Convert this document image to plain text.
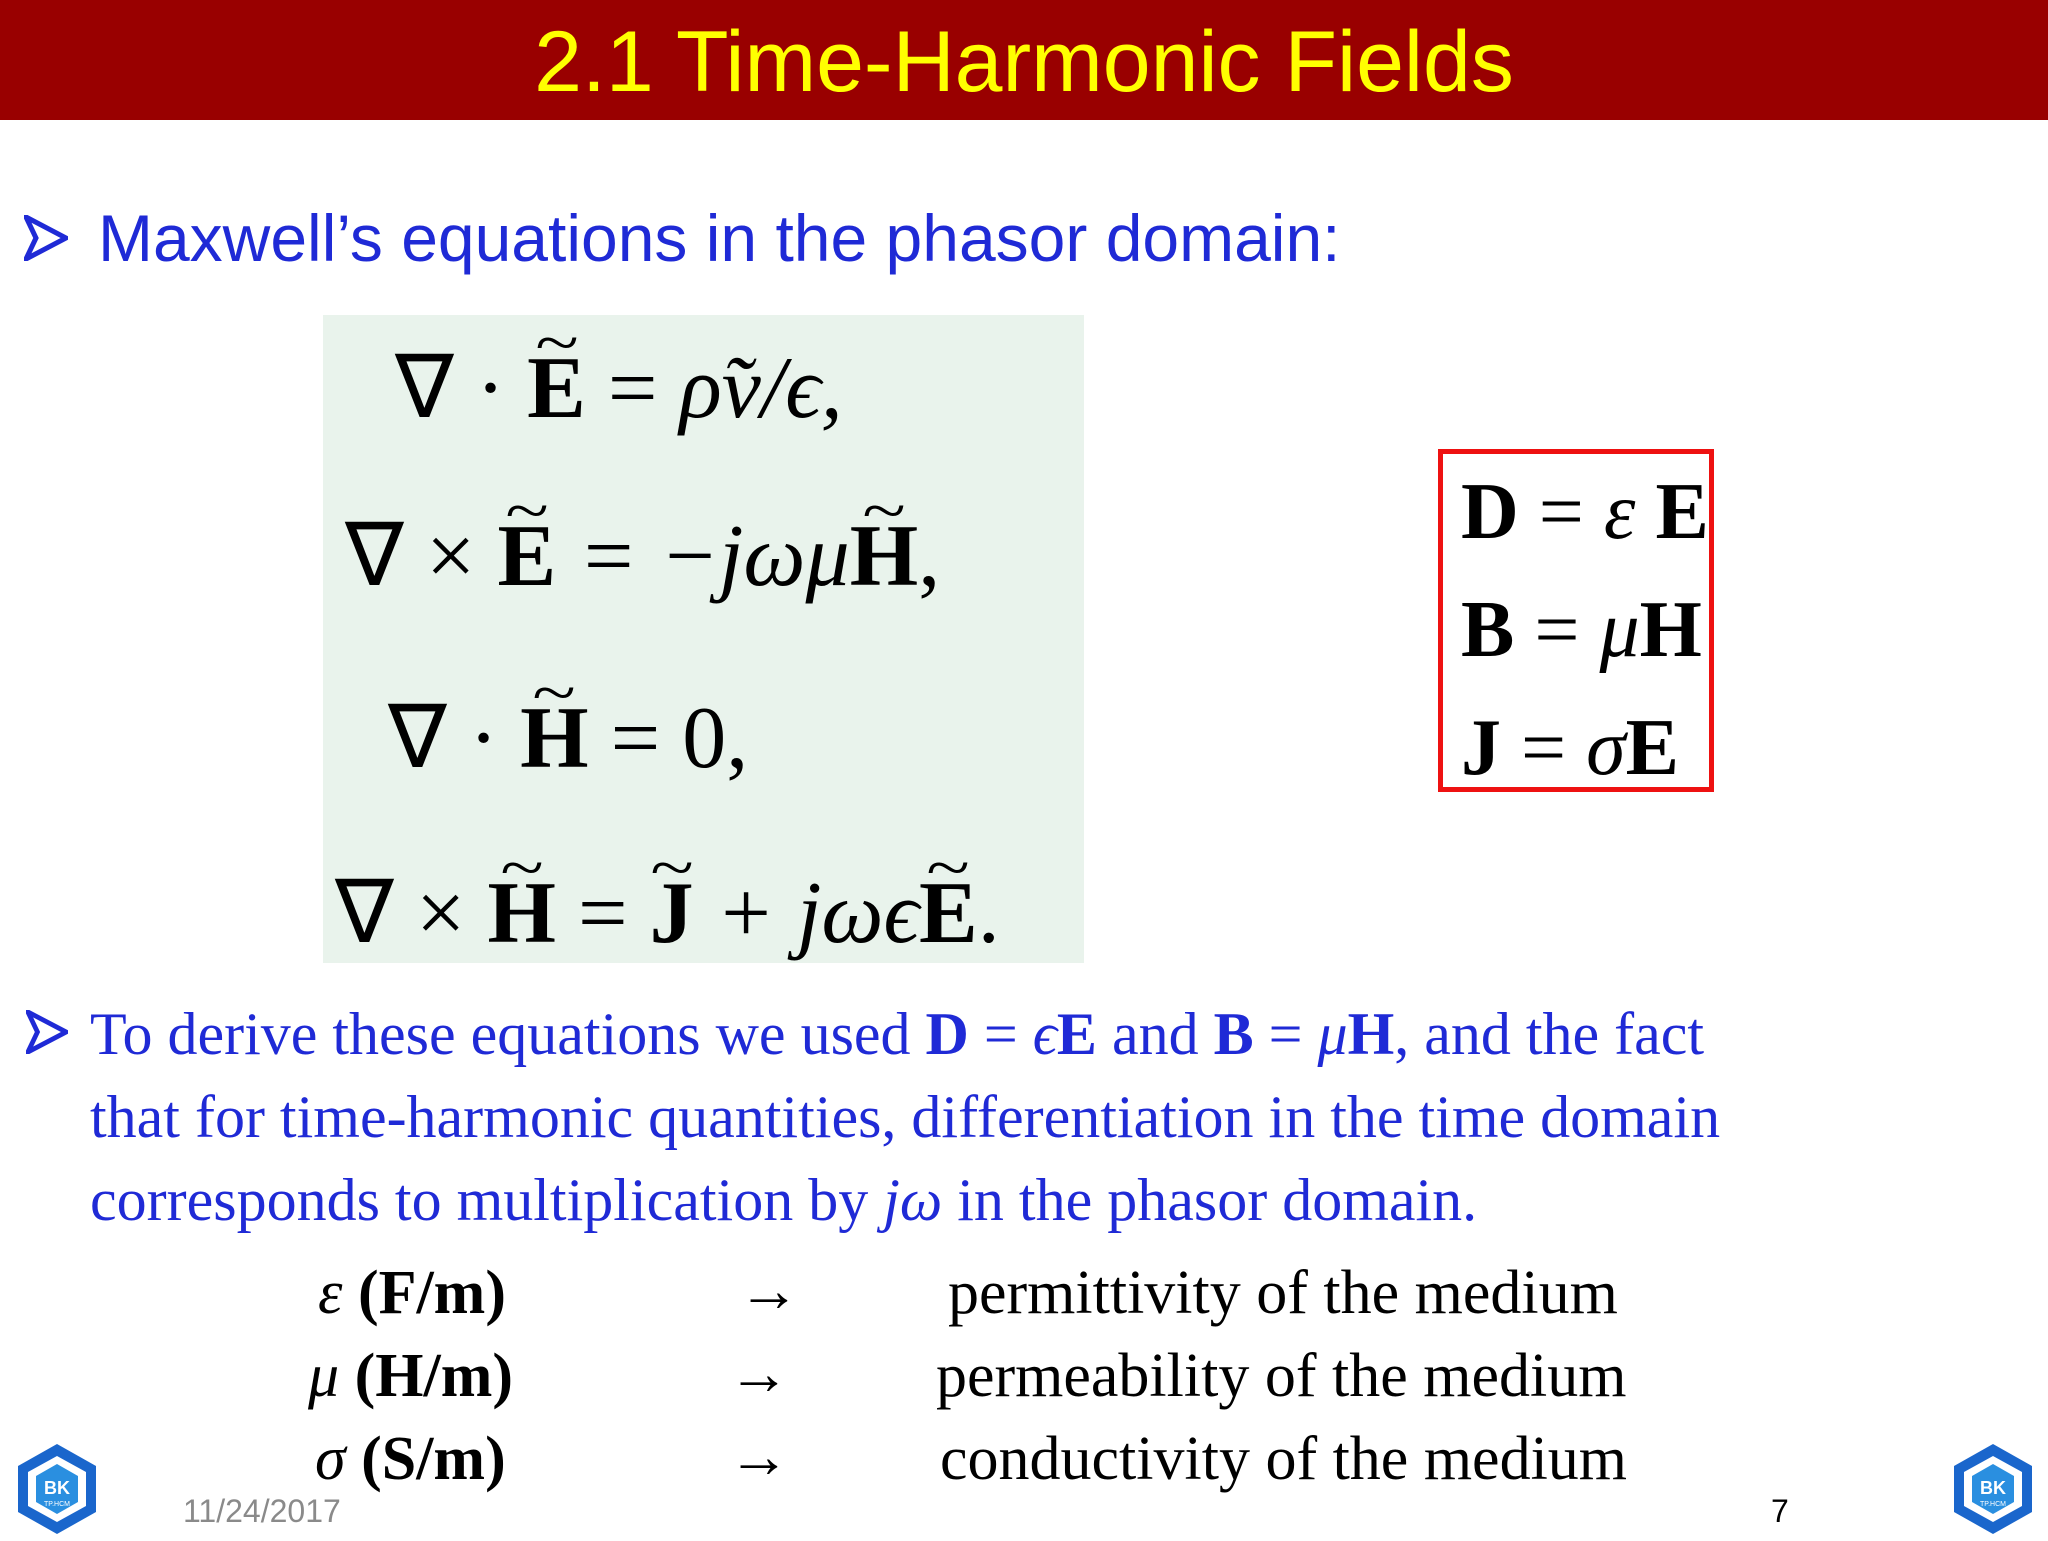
2.1 Time-Harmonic Fields
Maxwell’s equations in the phasor domain:
∇ · ~ E = ρ̃v/ϵ,
∇ × ~ E = −jωμ~ H,
∇ · ~ H = 0,
∇ × ~ H = ~ J + jωϵ~ E.
D = ε E
B = μH
J = σE
To derive these equations we used D = ϵE and B = μH, and the fact
that for time-harmonic quantities, differentiation in the time domain
corresponds to multiplication by jω in the phasor domain.
ε (F/m)	→ permittivity of the medium
μ (H/m)	→ permeability of the medium
σ (S/m)	→ conductivity of the medium
BK
TP.HCM	11/24/2017	7
BK
TP.HCM
